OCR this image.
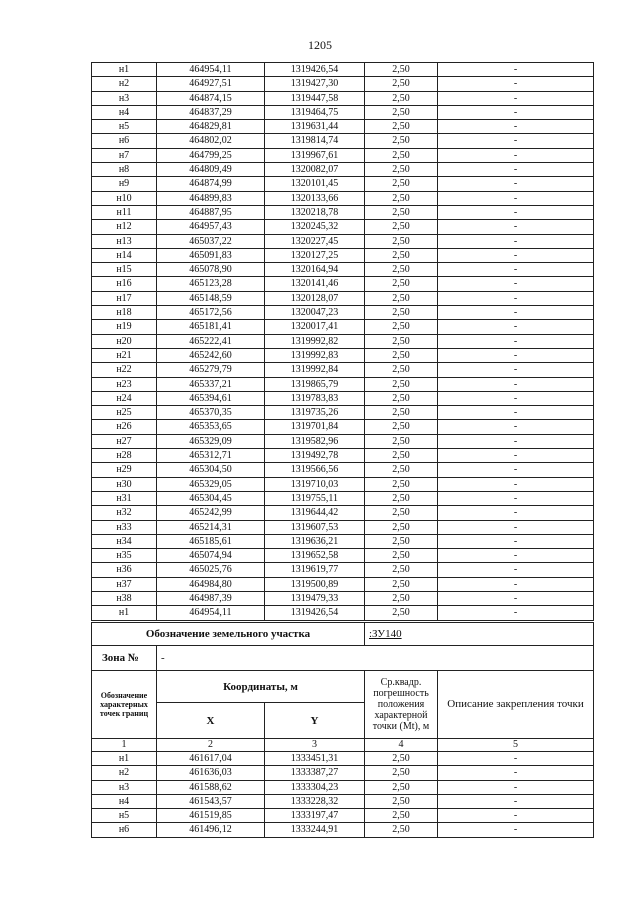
1205
н1	464954,11	1319426,54	2,50	-
н2	464927,51	1319427,30	2,50	-
н3	464874,15	1319447,58	2,50	-
н4	464837,29	1319464,75	2,50	-
н5	464829,81	1319631,44	2,50	-
н6	464802,02	1319814,74	2,50	-
н7	464799,25	1319967,61	2,50	-
н8	464809,49	1320082,07	2,50	-
н9	464874,99	1320101,45	2,50	-
н10	464899,83	1320133,66	2,50	-
н11	464887,95	1320218,78	2,50	-
н12	464957,43	1320245,32	2,50	-
н13	465037,22	1320227,45	2,50	-
н14	465091,83	1320127,25	2,50	-
н15	465078,90	1320164,94	2,50	-
н16	465123,28	1320141,46	2,50	-
н17	465148,59	1320128,07	2,50	-
н18	465172,56	1320047,23	2,50	-
н19	465181,41	1320017,41	2,50	-
н20	465222,41	1319992,82	2,50	-
н21	465242,60	1319992,83	2,50	-
н22	465279,79	1319992,84	2,50	-
н23	465337,21	1319865,79	2,50	-
н24	465394,61	1319783,83	2,50	-
н25	465370,35	1319735,26	2,50	-
н26	465353,65	1319701,84	2,50	-
н27	465329,09	1319582,96	2,50	-
н28	465312,71	1319492,78	2,50	-
н29	465304,50	1319566,56	2,50	-
н30	465329,05	1319710,03	2,50	-
н31	465304,45	1319755,11	2,50	-
н32	465242,99	1319644,42	2,50	-
н33	465214,31	1319607,53	2,50	-
н34	465185,61	1319636,21	2,50	-
н35	465074,94	1319652,58	2,50	-
н36	465025,76	1319619,77	2,50	-
н37	464984,80	1319500,89	2,50	-
н38	464987,39	1319479,33	2,50	-
н1	464954,11	1319426,54	2,50	-
Обозначение земельного участка			:ЗУ140	
Зона №	-			
Обозначение характерных точек границ	Координаты, м		Ср.квадр. погрешность положения характерной точки (Mt), м	Описание закрепления точки
	X	Y		
1	2	3	4	5
н1	461617,04	1333451,31	2,50	-
н2	461636,03	1333387,27	2,50	-
н3	461588,62	1333304,23	2,50	-
н4	461543,57	1333228,32	2,50	-
н5	461519,85	1333197,47	2,50	-
н6	461496,12	1333244,91	2,50	-
